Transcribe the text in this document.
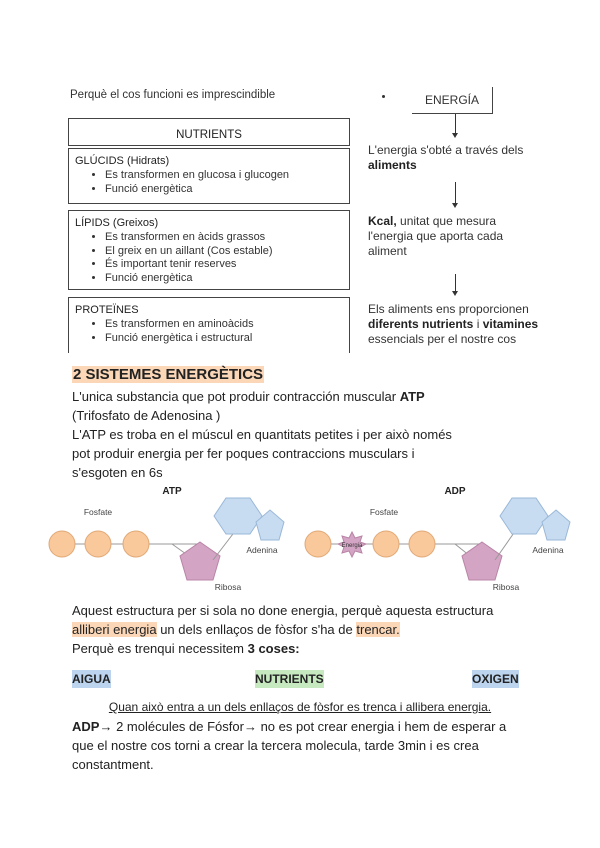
Perquè el cos funcioni es imprescindible
NUTRIENTS
GLÚCIDS (Hidrats)
• Es transformen en glucosa i glucogen
• Funció energètica
LÍPIDS (Greixos)
• Es transformen en àcids grassos
• El greix en un aillant (Cos estable)
• És important tenir reserves
• Funció energètica
PROTEÏNES
• Es transformen en aminoàcids
• Funció energètica i estructural
ENERGÍA
L'energia s'obté a través dels
aliments
Kcal, unitat que mesura
l'energia que aporta cada
aliment
Els aliments ens proporcionen
diferents nutrients i vitamines
essencials per el nostre cos
2 SISTEMES ENERGÈTICS
L'unica substancia que pot produir contracción muscular ATP
(Trifosfato de Adenosina )
L'ATP es troba en el múscul en quantitats petites i per això només
pot produir energia per fer poques contraccions musculars i
s'esgoten en 6s
ATP
Fosfate
Adenina
Ribosa
ADP
Fosfate
Energia	Adenina
Ribosa
Aquest estructura per si sola no done energia, perquè aquesta estructura
alliberi energia un dels enllaços de fòsfor s'ha de trencar.
Perquè es trenqui necessitem 3 coses:
AIGUA	NUTRIENTS	OXIGEN
Quan això entra a un dels enllaços de fòsfor es trenca i allibera energia.
ADP→ 2 molécules de Fósfor→ no es pot crear energia i hem de esperar a
que el nostre cos torni a crear la tercera molecula, tarde 3min i es crea
constantment.
